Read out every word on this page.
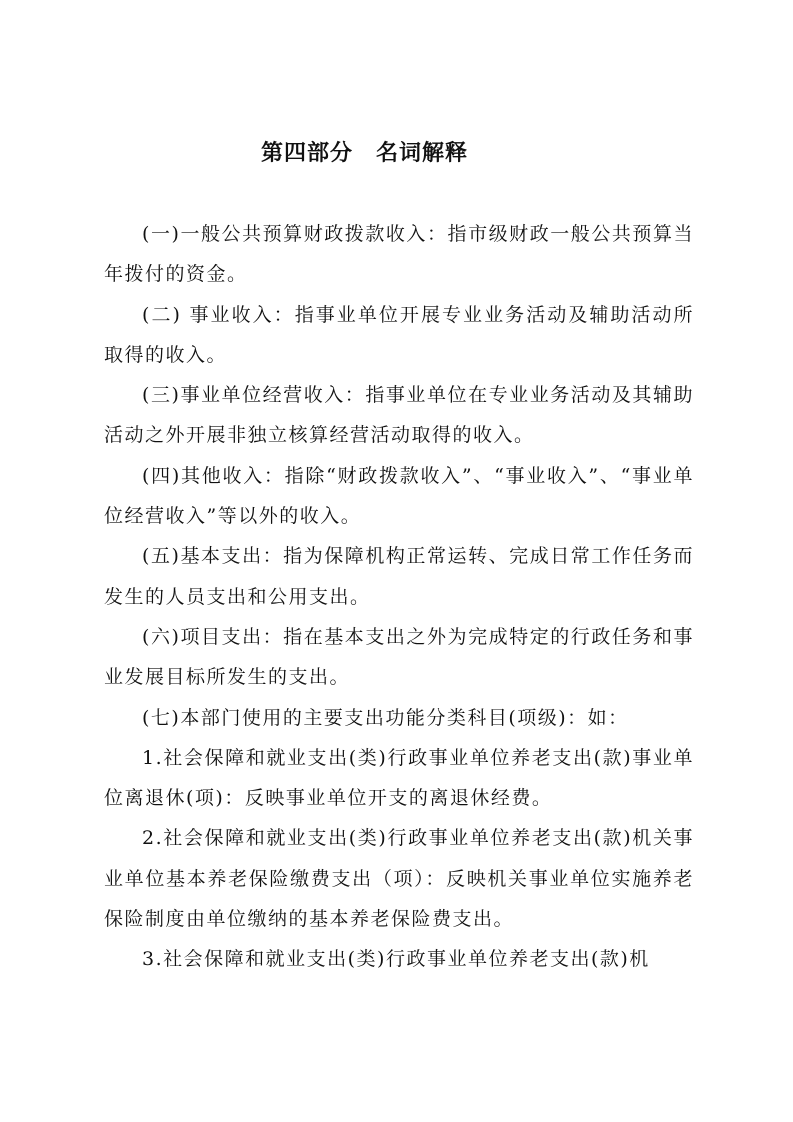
第四部分　名词解释

(一)一般公共预算财政拨款收入：指市级财政一般公共预算当年拨付的资金。

(二) 事业收入：指事业单位开展专业业务活动及辅助活动所取得的收入。

(三)事业单位经营收入：指事业单位在专业业务活动及其辅助活动之外开展非独立核算经营活动取得的收入。

(四)其他收入：指除“财政拨款收入”、“事业收入”、“事业单位经营收入”等以外的收入。

(五)基本支出：指为保障机构正常运转、完成日常工作任务而发生的人员支出和公用支出。

(六)项目支出：指在基本支出之外为完成特定的行政任务和事业发展目标所发生的支出。

(七)本部门使用的主要支出功能分类科目(项级)：如：

1.社会保障和就业支出(类)行政事业单位养老支出(款)事业单位离退休(项)：反映事业单位开支的离退休经费。

2.社会保障和就业支出(类)行政事业单位养老支出(款)机关事业单位基本养老保险缴费支出（项）：反映机关事业单位实施养老保险制度由单位缴纳的基本养老保险费支出。

3.社会保障和就业支出(类)行政事业单位养老支出(款)机
